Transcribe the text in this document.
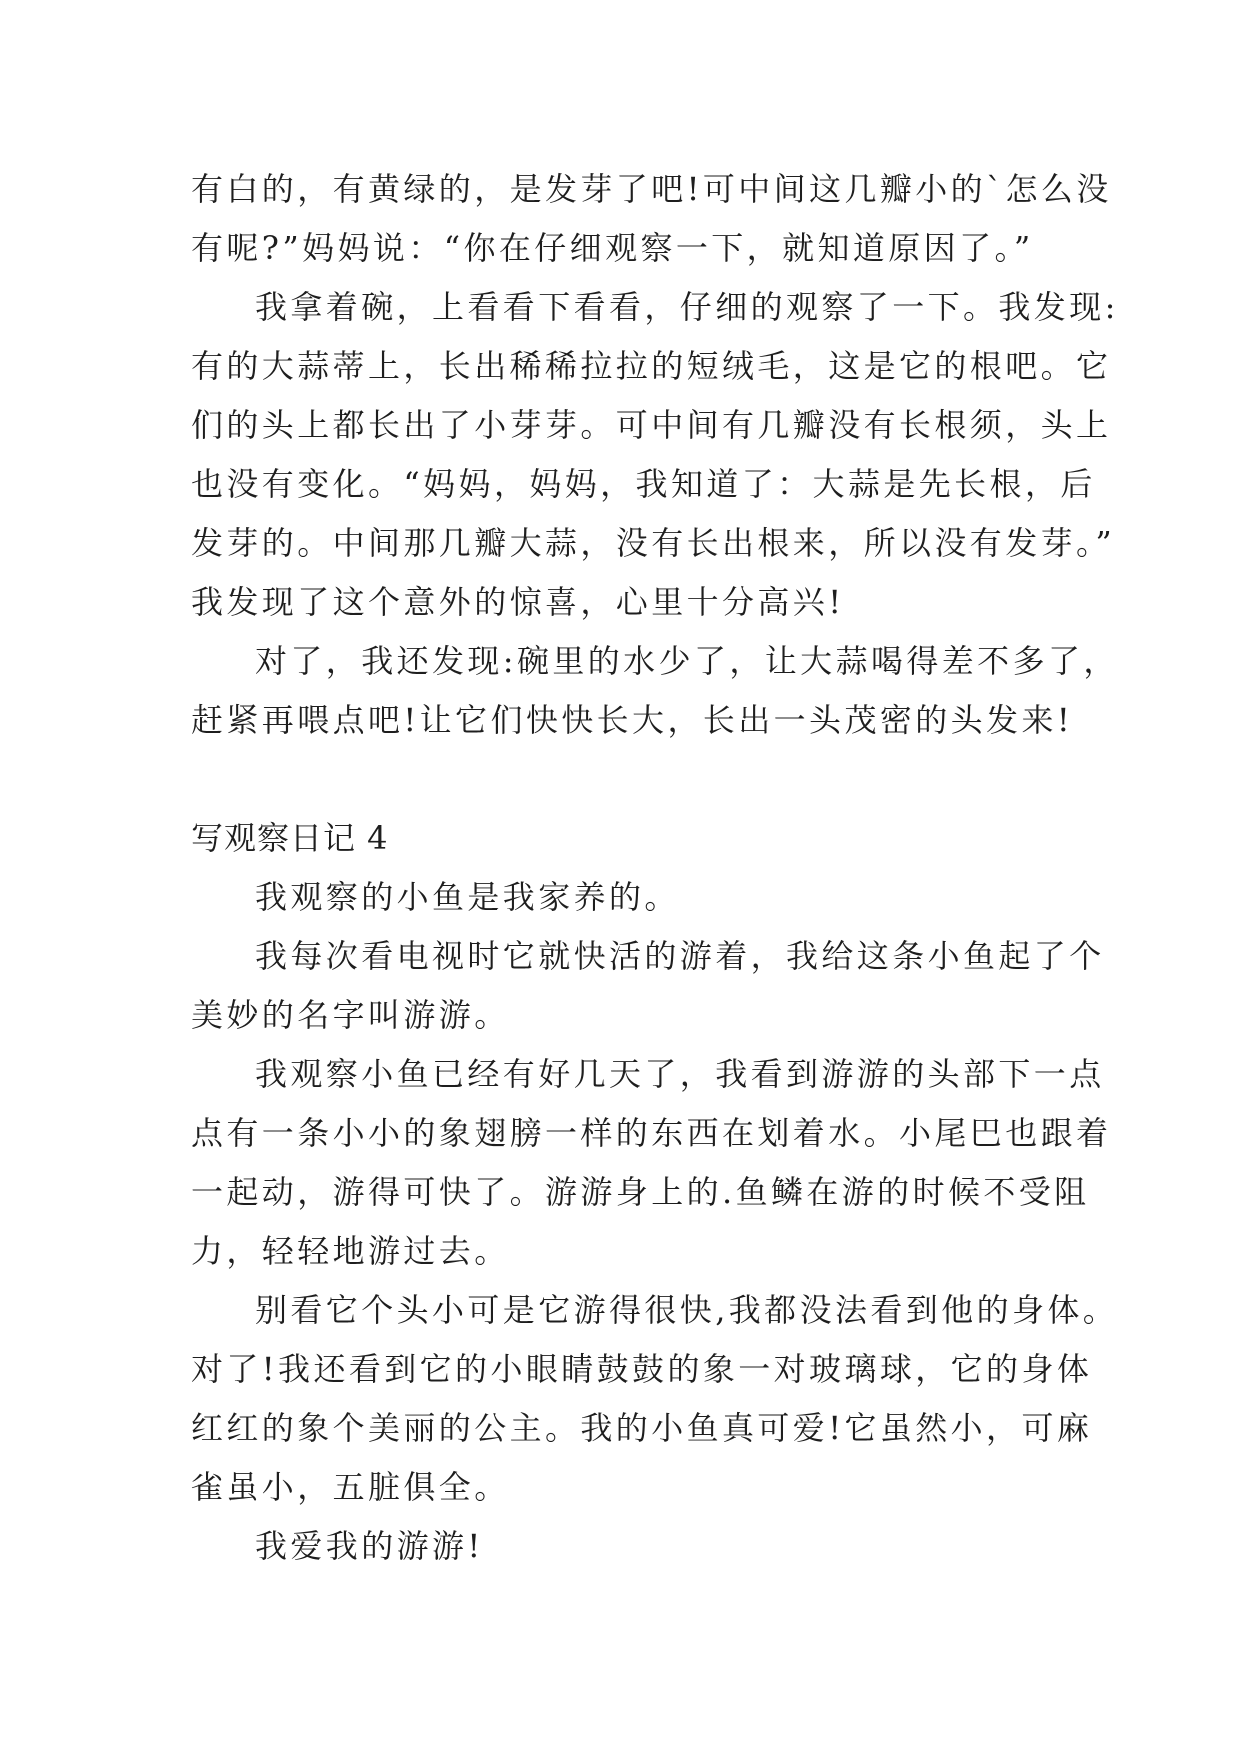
有白的，有黄绿的，是发芽了吧!可中间这几瓣小的`怎么没
有呢?”妈妈说：“你在仔细观察一下，就知道原因了。”
我拿着碗，上看看下看看，仔细的观察了一下。我发现:
有的大蒜蒂上，长出稀稀拉拉的短绒毛，这是它的根吧。它
们的头上都长出了小芽芽。可中间有几瓣没有长根须，头上
也没有变化。“妈妈，妈妈，我知道了：大蒜是先长根，后
发芽的。中间那几瓣大蒜，没有长出根来，所以没有发芽。”
我发现了这个意外的惊喜，心里十分高兴!
对了，我还发现:碗里的水少了，让大蒜喝得差不多了，
赶紧再喂点吧!让它们快快长大，长出一头茂密的头发来!
写观察日记 4
我观察的小鱼是我家养的。
我每次看电视时它就快活的游着，我给这条小鱼起了个
美妙的名字叫游游。
我观察小鱼已经有好几天了，我看到游游的头部下一点
点有一条小小的象翅膀一样的东西在划着水。小尾巴也跟着
一起动，游得可快了。游游身上的.鱼鳞在游的时候不受阻
力，轻轻地游过去。
别看它个头小可是它游得很快,我都没法看到他的身体。
对了!我还看到它的小眼睛鼓鼓的象一对玻璃球，它的身体
红红的象个美丽的公主。我的小鱼真可爱!它虽然小，可麻
雀虽小，五脏俱全。
我爱我的游游!
